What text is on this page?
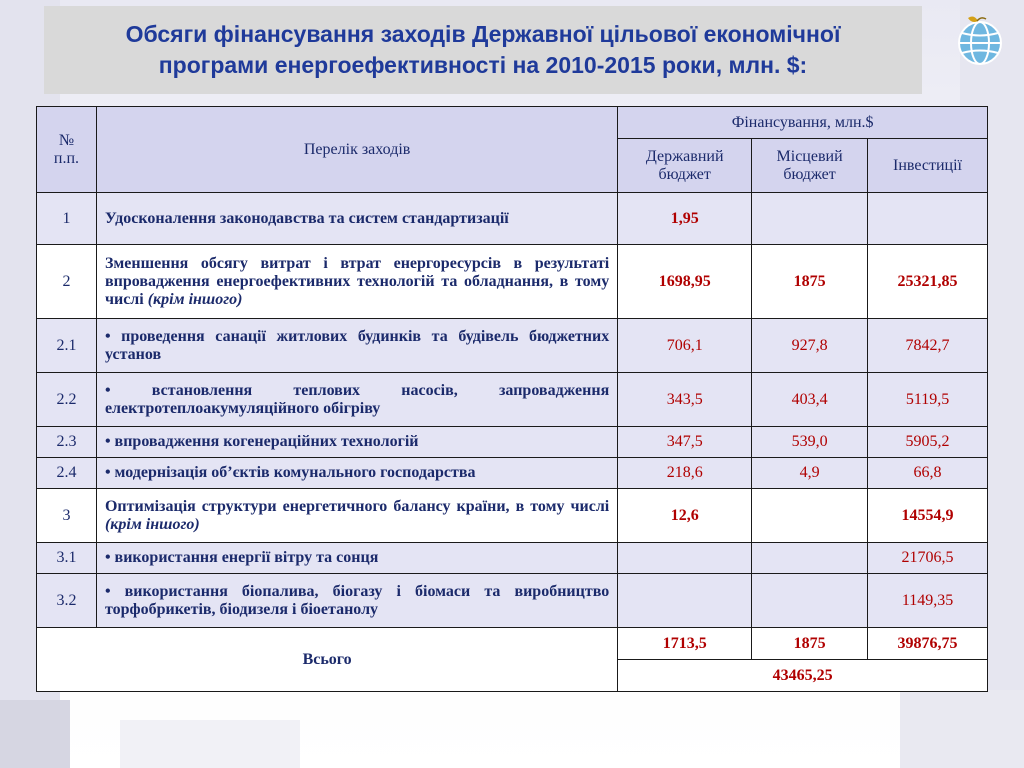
Обсяги фінансування заходів Державної цільової економічної
програми енергоефективності на 2010-2015 роки, млн. $:
№ п.п.	Перелік заходів	Фінансування, млн.$		
		Державний бюджет	Місцевий бюджет	Інвестиції
1	Удосконалення законодавства та систем стандартизації	1,95		
2	Зменшення обсягу витрат і втрат енергоресурсів в результаті впровадження енергоефективних технологій та обладнання, в тому числі (крім іншого)	1698,95	1875	25321,85
2.1	• проведення санації житлових будинків та будівель бюджетних установ	706,1	927,8	7842,7
2.2	• встановлення теплових насосів, запровадження електротеплоакумуляційного обігріву	343,5	403,4	5119,5
2.3	• впровадження когенераційних технологій	347,5	539,0	5905,2
2.4	• модернізація об’єктів комунального господарства	218,6	4,9	66,8
3	Оптимізація структури енергетичного балансу країни, в тому числі (крім іншого)	12,6		14554,9
3.1	• використання енергії вітру та сонця			21706,5
3.2	• використання біопалива, біогазу і біомаси та виробництво торфобрикетів, біодизеля і біоетанолу			1149,35
Всього		1713,5	1875	39876,75
		43465,25		
